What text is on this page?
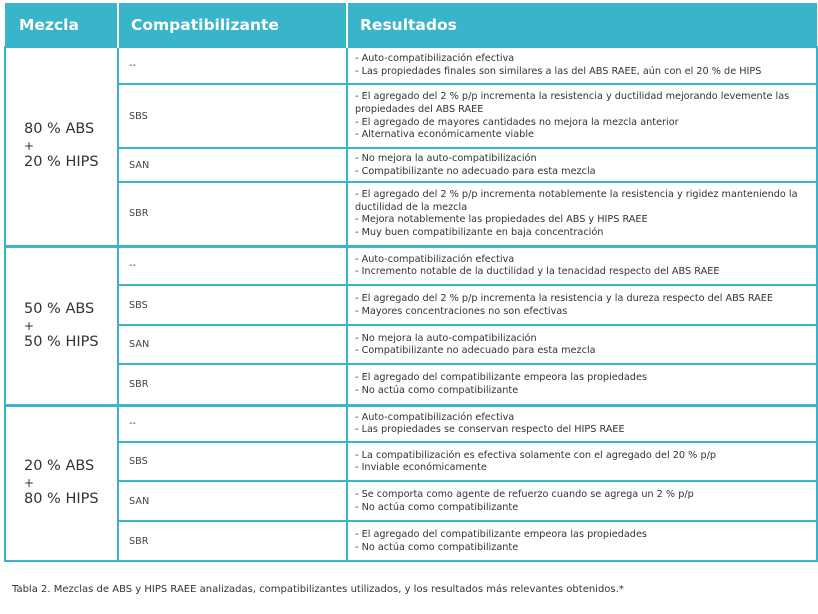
Mezcla	Compatibilizante	Resultados

80 % ABS
+
20 % HIPS	--	- Auto-compatibilización efectiva
- Las propiedades finales son similares a las del ABS RAEE, aún con el 20 % de HIPS

	SBS	- El agregado del 2 % p/p incrementa la resistencia y ductilidad mejorando levemente las
propiedades del ABS RAEE
- El agregado de mayores cantidades no mejora la mezcla anterior
- Alternativa económicamente viable

	SAN	- No mejora la auto-compatibilización
- Compatibilizante no adecuado para esta mezcla

	SBR	- El agregado del 2 % p/p incrementa notablemente la resistencia y rigidez manteniendo la
ductilidad de la mezcla
- Mejora notablemente las propiedades del ABS y HIPS RAEE
- Muy buen compatibilizante en baja concentración

50 % ABS
+
50 % HIPS	--	- Auto-compatibilización efectiva
- Incremento notable de la ductilidad y la tenacidad respecto del ABS RAEE

	SBS	- El agregado del 2 % p/p incrementa la resistencia y la dureza respecto del ABS RAEE
- Mayores concentraciones no son efectivas

	SAN	- No mejora la auto-compatibilización
- Compatibilizante no adecuado para esta mezcla

	SBR	- El agregado del compatibilizante empeora las propiedades
- No actúa como compatibilizante

20 % ABS
+
80 % HIPS	--	- Auto-compatibilización efectiva
- Las propiedades se conservan respecto del HIPS RAEE

	SBS	- La compatibilización es efectiva solamente con el agregado del 20 % p/p
- Inviable económicamente

	SAN	- Se comporta como agente de refuerzo cuando se agrega un 2 % p/p
- No actúa como compatibilizante

	SBR	- El agregado del compatibilizante empeora las propiedades
- No actúa como compatibilizante
Tabla 2. Mezclas de ABS y HIPS RAEE analizadas, compatibilizantes utilizados, y los resultados más relevantes obtenidos.*
